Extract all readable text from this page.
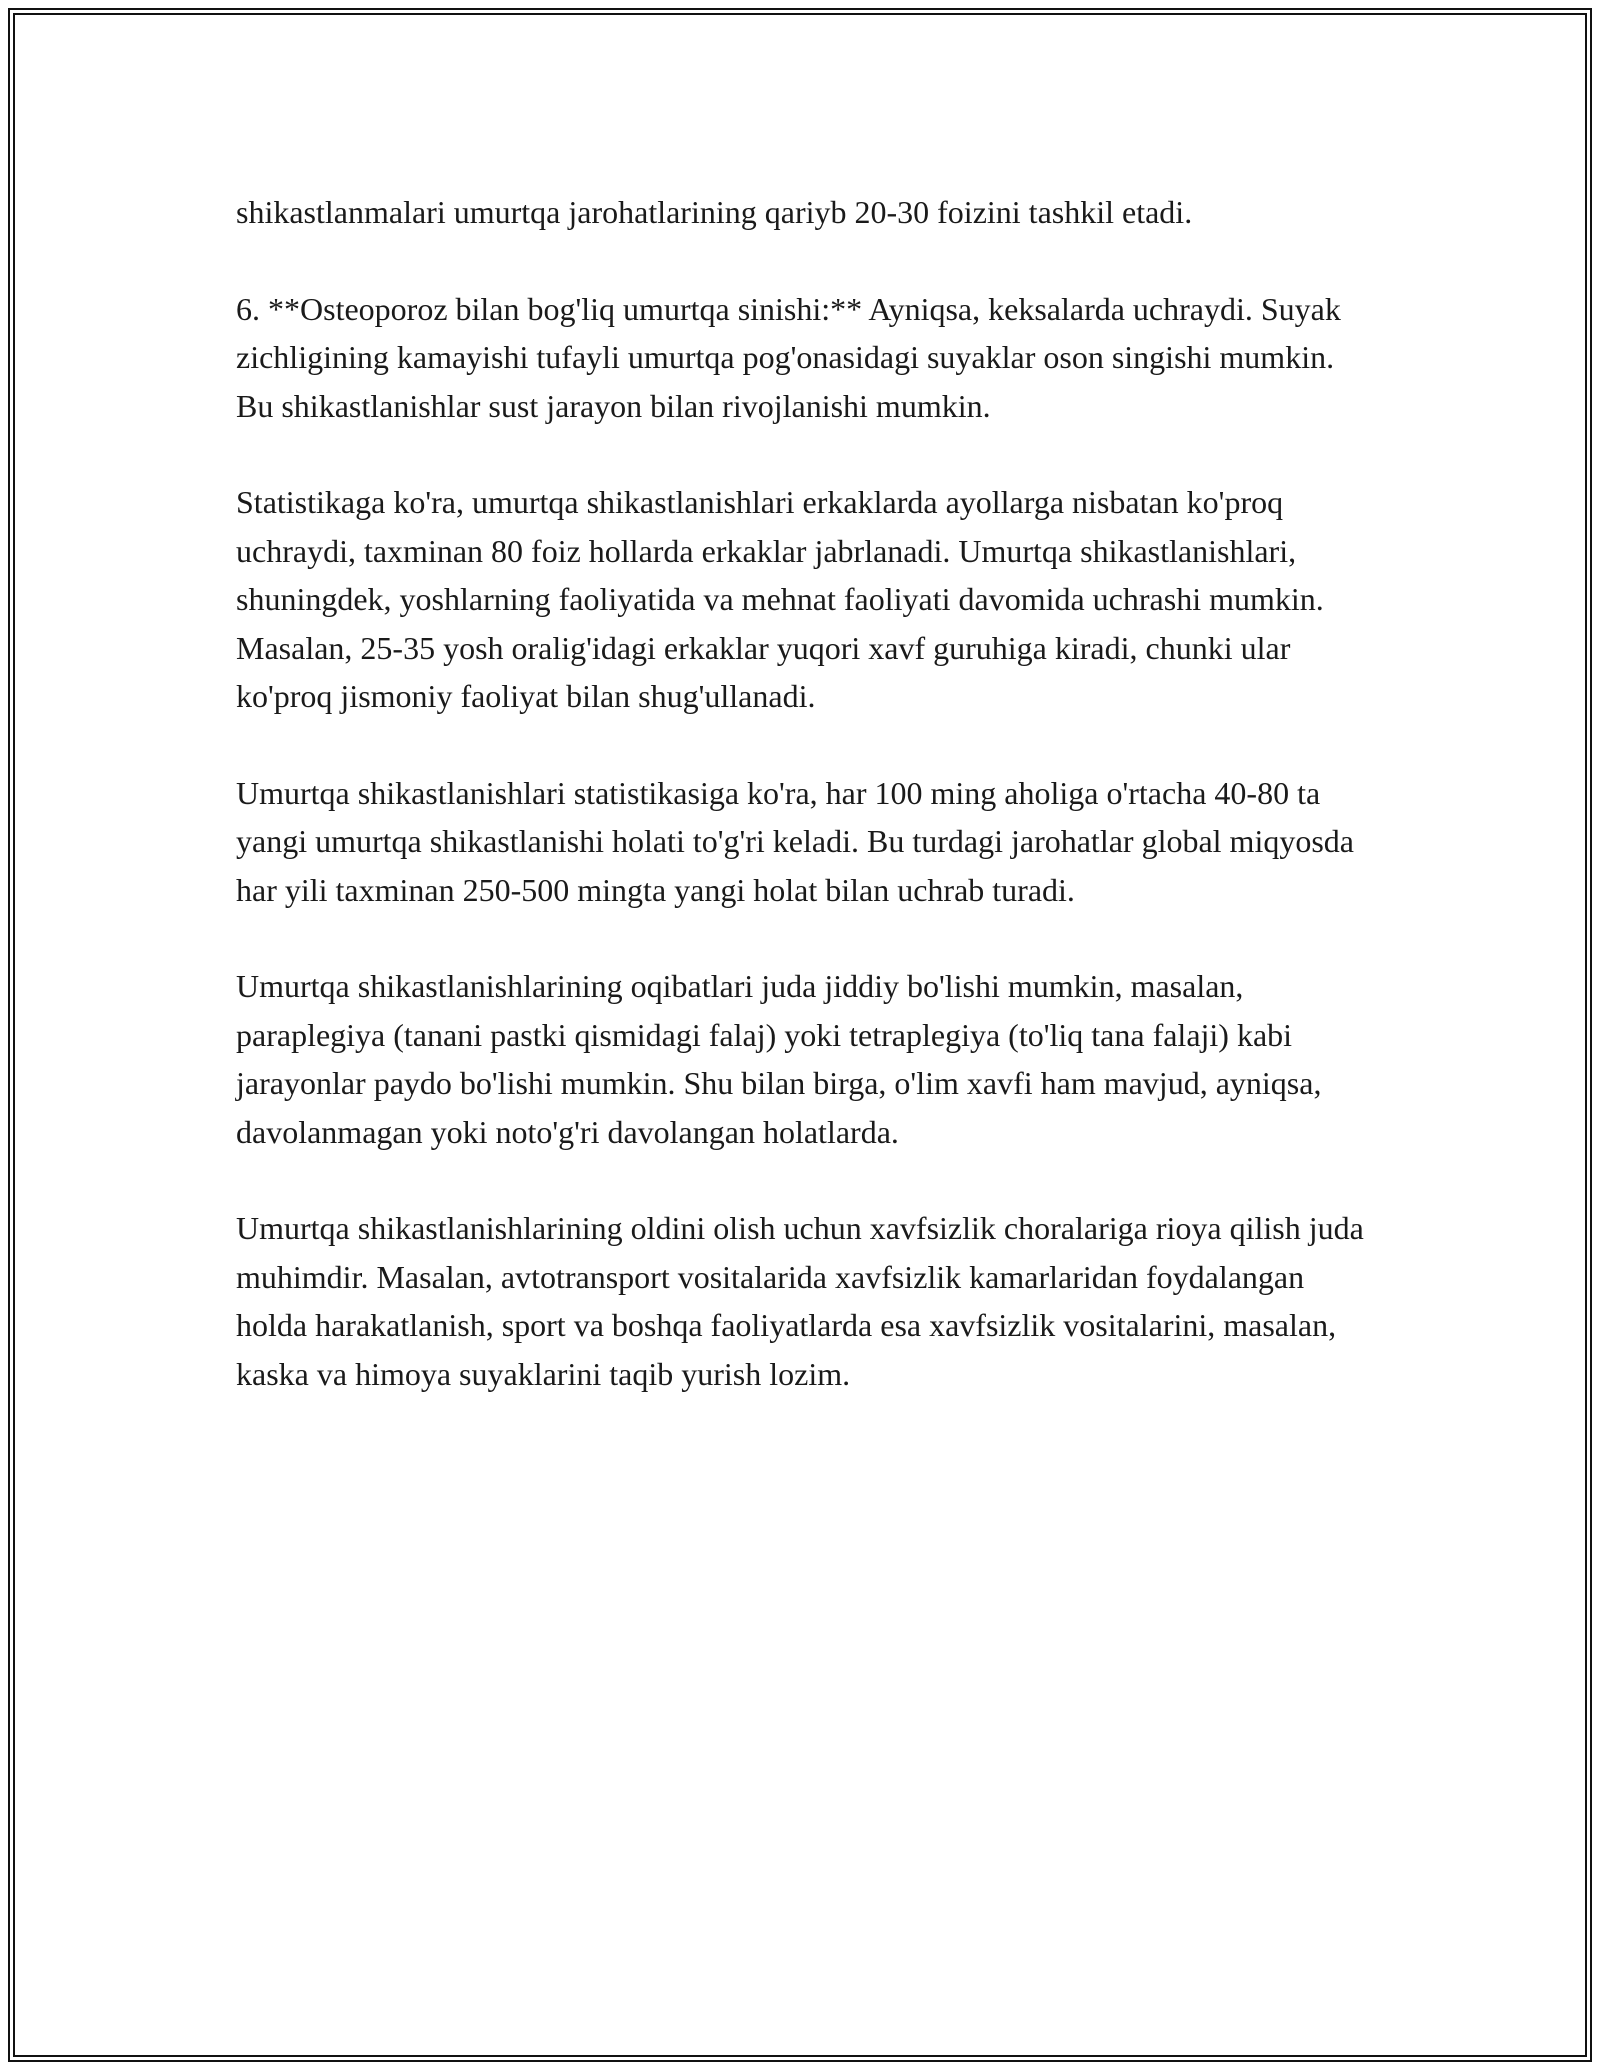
shikastlanmalari umurtqa jarohatlarining qariyb 20-30 foizini tashkil etadi.

6. **Osteoporoz bilan bog'liq umurtqa sinishi:** Ayniqsa, keksalarda uchraydi. Suyak zichligining kamayishi tufayli umurtqa pog'onasidagi suyaklar oson singishi mumkin. Bu shikastlanishlar sust jarayon bilan rivojlanishi mumkin.

Statistikaga ko'ra, umurtqa shikastlanishlari erkaklarda ayollarga nisbatan ko'proq uchraydi, taxminan 80 foiz hollarda erkaklar jabrlanadi. Umurtqa shikastlanishlari, shuningdek, yoshlarning faoliyatida va mehnat faoliyati davomida uchrashi mumkin. Masalan, 25-35 yosh oralig'idagi erkaklar yuqori xavf guruhiga kiradi, chunki ular ko'proq jismoniy faoliyat bilan shug'ullanadi.

Umurtqa shikastlanishlari statistikasiga ko'ra, har 100 ming aholiga o'rtacha 40-80 ta yangi umurtqa shikastlanishi holati to'g'ri keladi. Bu turdagi jarohatlar global miqyosda har yili taxminan 250-500 mingta yangi holat bilan uchrab turadi.

Umurtqa shikastlanishlarining oqibatlari juda jiddiy bo'lishi mumkin, masalan, paraplegiya (tanani pastki qismidagi falaj) yoki tetraplegiya (to'liq tana falaji) kabi jarayonlar paydo bo'lishi mumkin. Shu bilan birga, o'lim xavfi ham mavjud, ayniqsa, davolanmagan yoki noto'g'ri davolangan holatlarda.

Umurtqa shikastlanishlarining oldini olish uchun xavfsizlik choralariga rioya qilish juda muhimdir. Masalan, avtotransport vositalarida xavfsizlik kamarlaridan foydalangan holda harakatlanish, sport va boshqa faoliyatlarda esa xavfsizlik vositalarini, masalan, kaska va himoya suyaklarini taqib yurish lozim.
